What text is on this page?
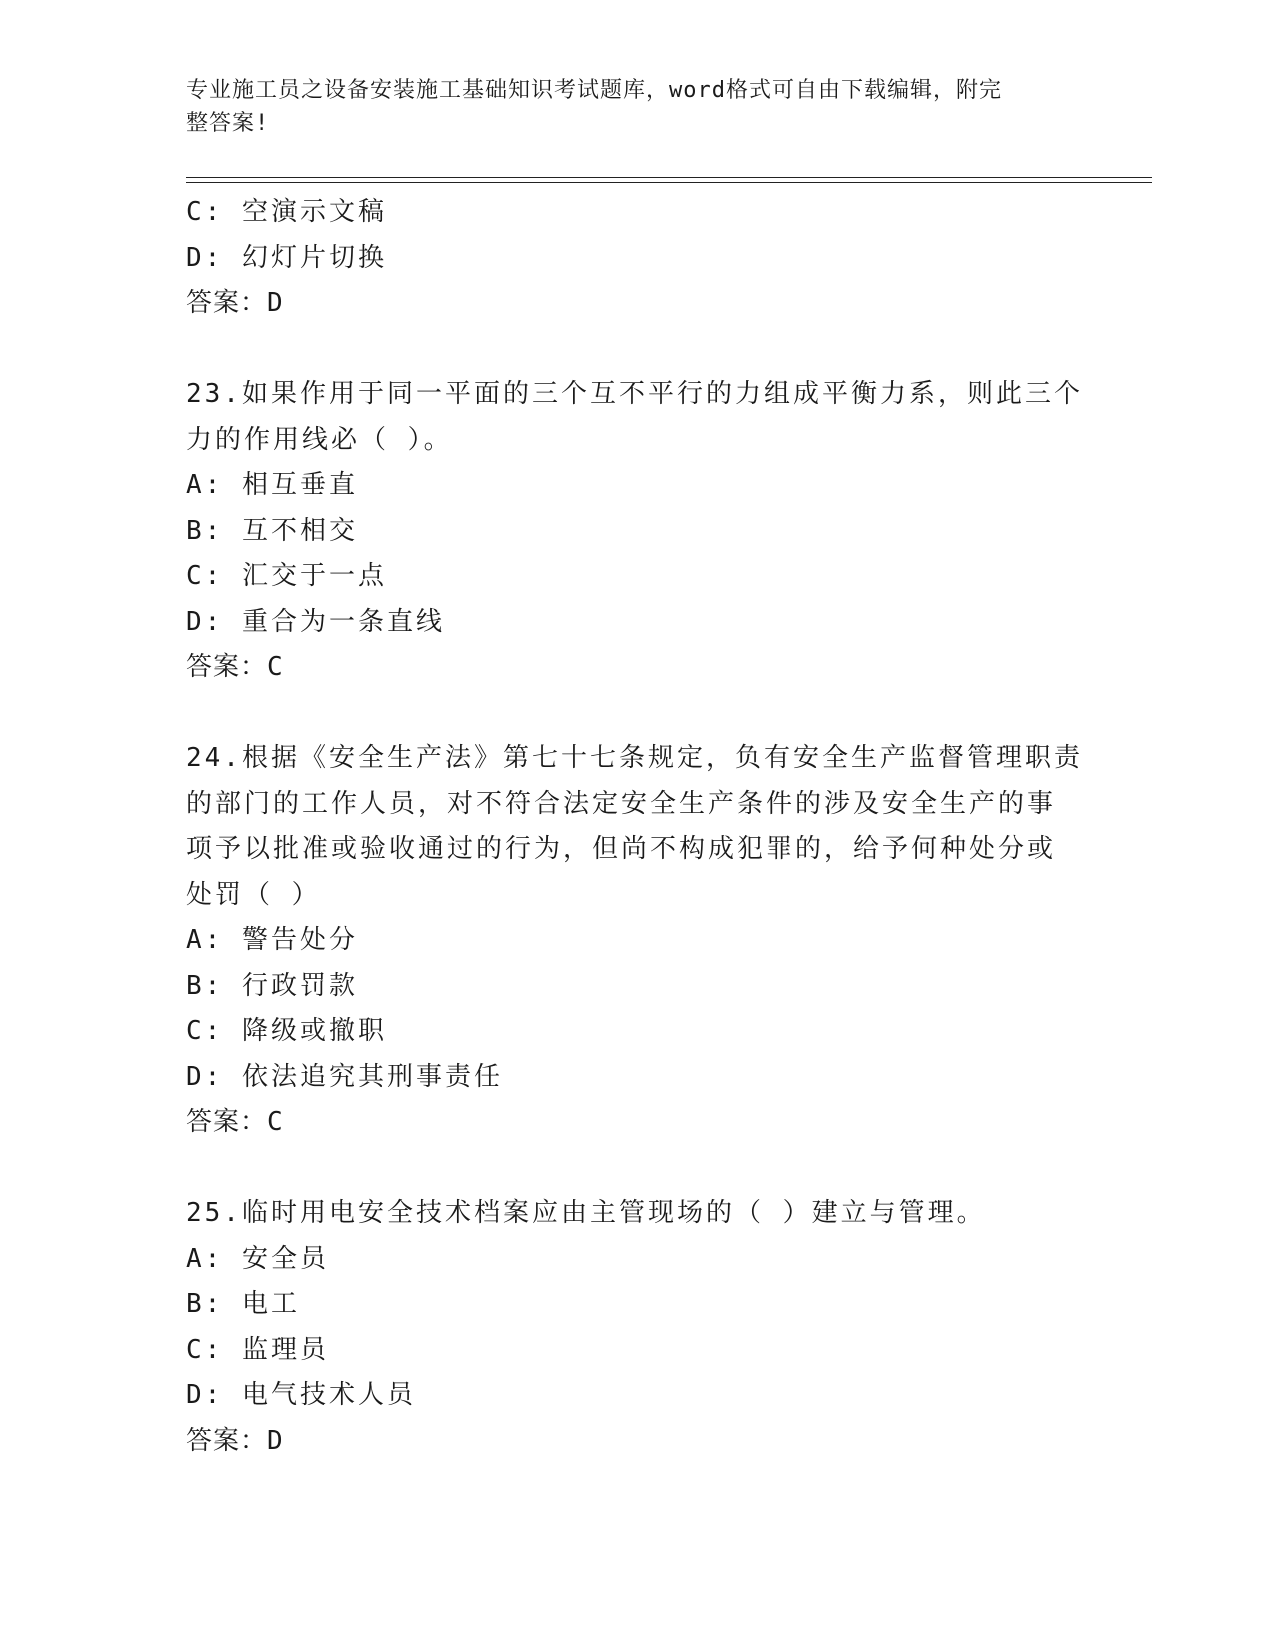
专业施工员之设备安装施工基础知识考试题库，word格式可自由下载编辑，附完
整答案!
C: 空演示文稿
D: 幻灯片切换
答案：D
23.如果作用于同一平面的三个互不平行的力组成平衡力系，则此三个
力的作用线必（ ）。
A: 相互垂直
B: 互不相交
C: 汇交于一点
D: 重合为一条直线
答案：C
24.根据《安全生产法》第七十七条规定，负有安全生产监督管理职责
的部门的工作人员，对不符合法定安全生产条件的涉及安全生产的事
项予以批准或验收通过的行为，但尚不构成犯罪的，给予何种处分或
处罚（ ）
A: 警告处分
B: 行政罚款
C: 降级或撤职
D: 依法追究其刑事责任
答案：C
25.临时用电安全技术档案应由主管现场的（ ）建立与管理。
A: 安全员
B: 电工
C: 监理员
D: 电气技术人员
答案：D
